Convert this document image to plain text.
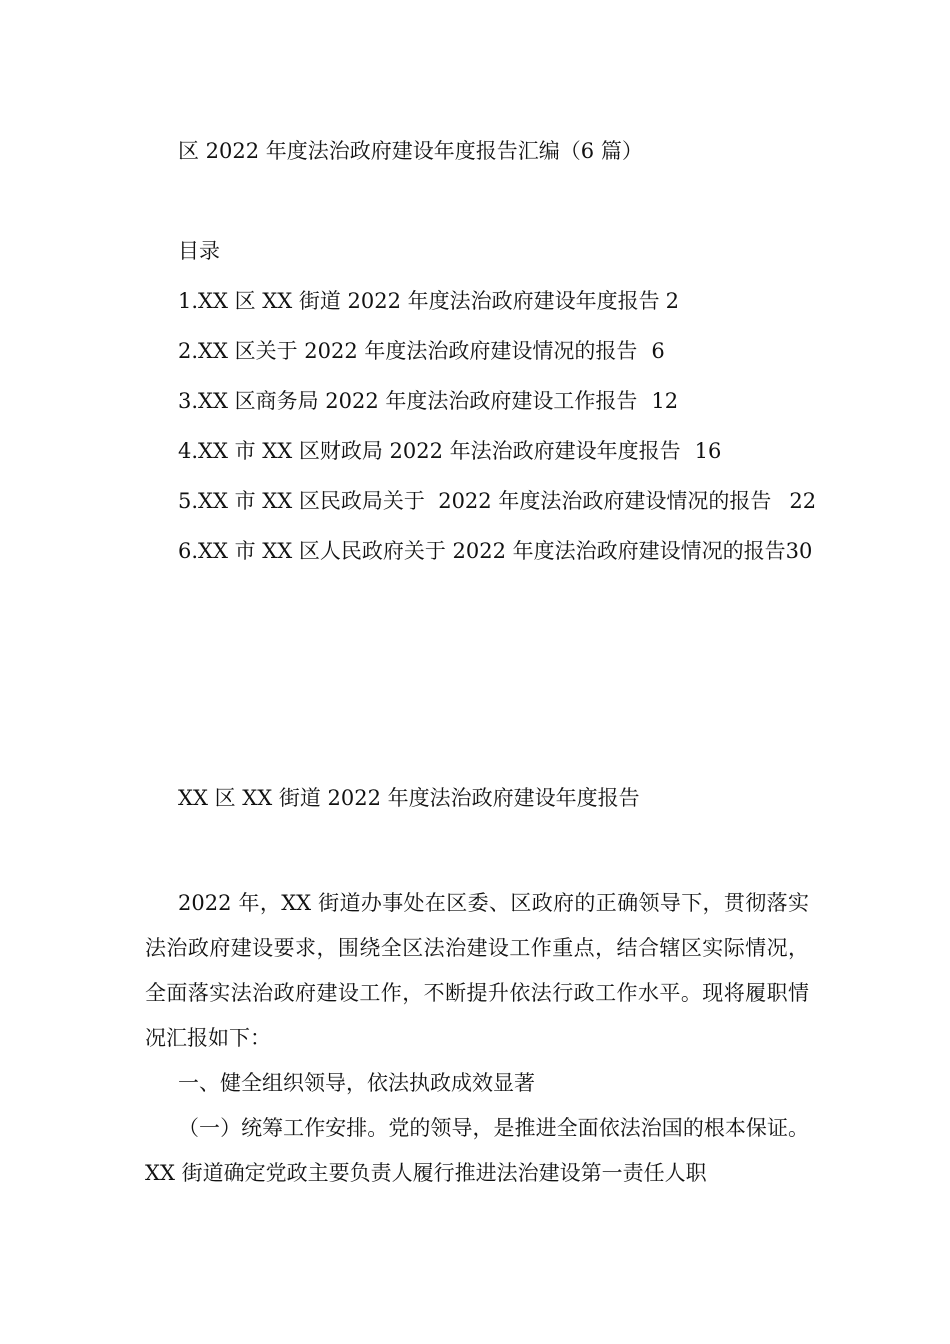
区 2022 年度法治政府建设年度报告汇编（6 篇）
目录
1.XX 区 XX 街道 2022 年度法治政府建设年度报告 2
2.XX 区关于 2022 年度法治政府建设情况的报告 6
3.XX 区商务局 2022 年度法治政府建设工作报告 12
4.XX 市 XX 区财政局 2022 年法治政府建设年度报告 16
5.XX 市 XX 区民政局关于  2022 年度法治政府建设情况的报告 22
6.XX 市 XX 区人民政府关于 2022 年度法治政府建设情况的报告 30
XX 区 XX 街道 2022 年度法治政府建设年度报告

2022 年，XX 街道办事处在区委、区政府的正确领导下，贯彻落实法治政府建设要求，围绕全区法治建设工作重点，结合辖区实际情况，全面落实法治政府建设工作，不断提升依法行政工作水平。现将履职情况汇报如下：

一、健全组织领导，依法执政成效显著

（一）统筹工作安排。党的领导，是推进全面依法治国的根本保证。XX 街道确定党政主要负责人履行推进法治建设第一责任人职
